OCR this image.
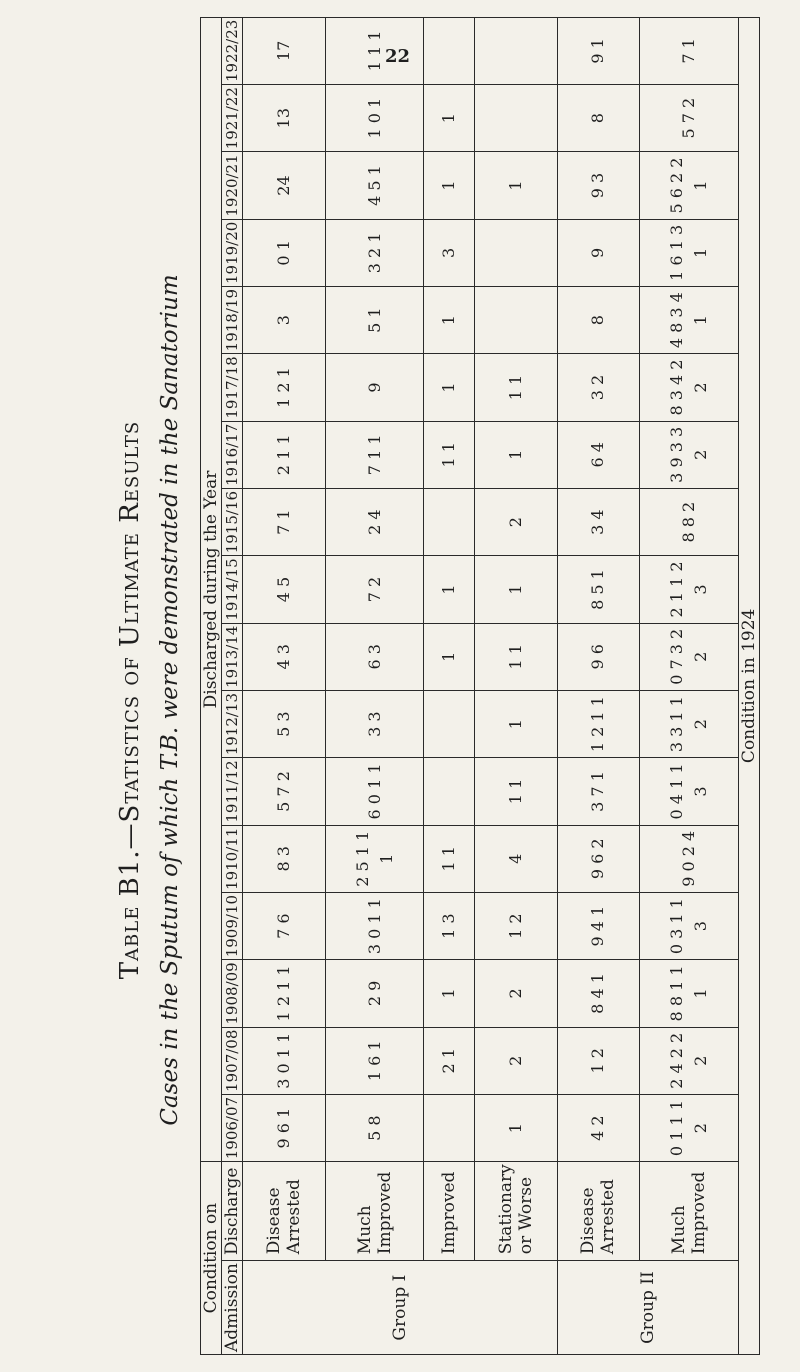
22
Table B1.—Statistics of Ultimate Results Cases in the Sputum of which T.B. were demonstrated in the Sanatorium
Condition on		Discharged during the Year																
Admission	Discharge	1906/07	1907/08	1908/09	1909/10	1910/11	1911/12	1912/13	1913/14	1914/15	1915/16	1916/17	1917/18	1918/19	1919/20	1920/21	1921/22	1922/23
Group I	Disease Arrested	9 6 1	3 0 1 1	1 2 1 1	7 6	8 3	5 7 2	5 3	4 3	4 5	7 1	2 1 1	1 2 1	3	0 1	24	13	17
	Much Improved	5 8	1 6 1	2 9	3 0 1 1	2 5 1 1 1	6 0 1 1	3 3	6 3	7 2	2 4	7 1 1	9	5 1	3 2 1	4 5 1	1 0 1	1 1 1
	Improved		2 1	1	1 3	1 1			1	1		1 1	1	1	3	1	1	
	Stationary or Worse	1	2	2	1 2	4	1 1	1	1 1	1	2	1	1 1			1		
Group II	Disease Arrested	4 2	1 2	8 4 1	9 4 1	9 6 2	3 7 1	1 2 1 1	9 6	8 5 1	3 4	6 4	3 2	8	9	9 3	8	9 1
	Much Improved	0 1 1 1 2	2 4 2 2 2	8 8 1 1 1	0 3 1 1 3	9 0 2 4	0 4 1 1 3	3 3 1 1 2	0 7 3 2 2	2 1 1 2 3	8 8 2	3 9 3 3 2	8 3 4 2 2	4 8 3 4 1	1 6 1 3 1	5 6 2 2 1	5 7 2	7 1
Condition in 1924																		
